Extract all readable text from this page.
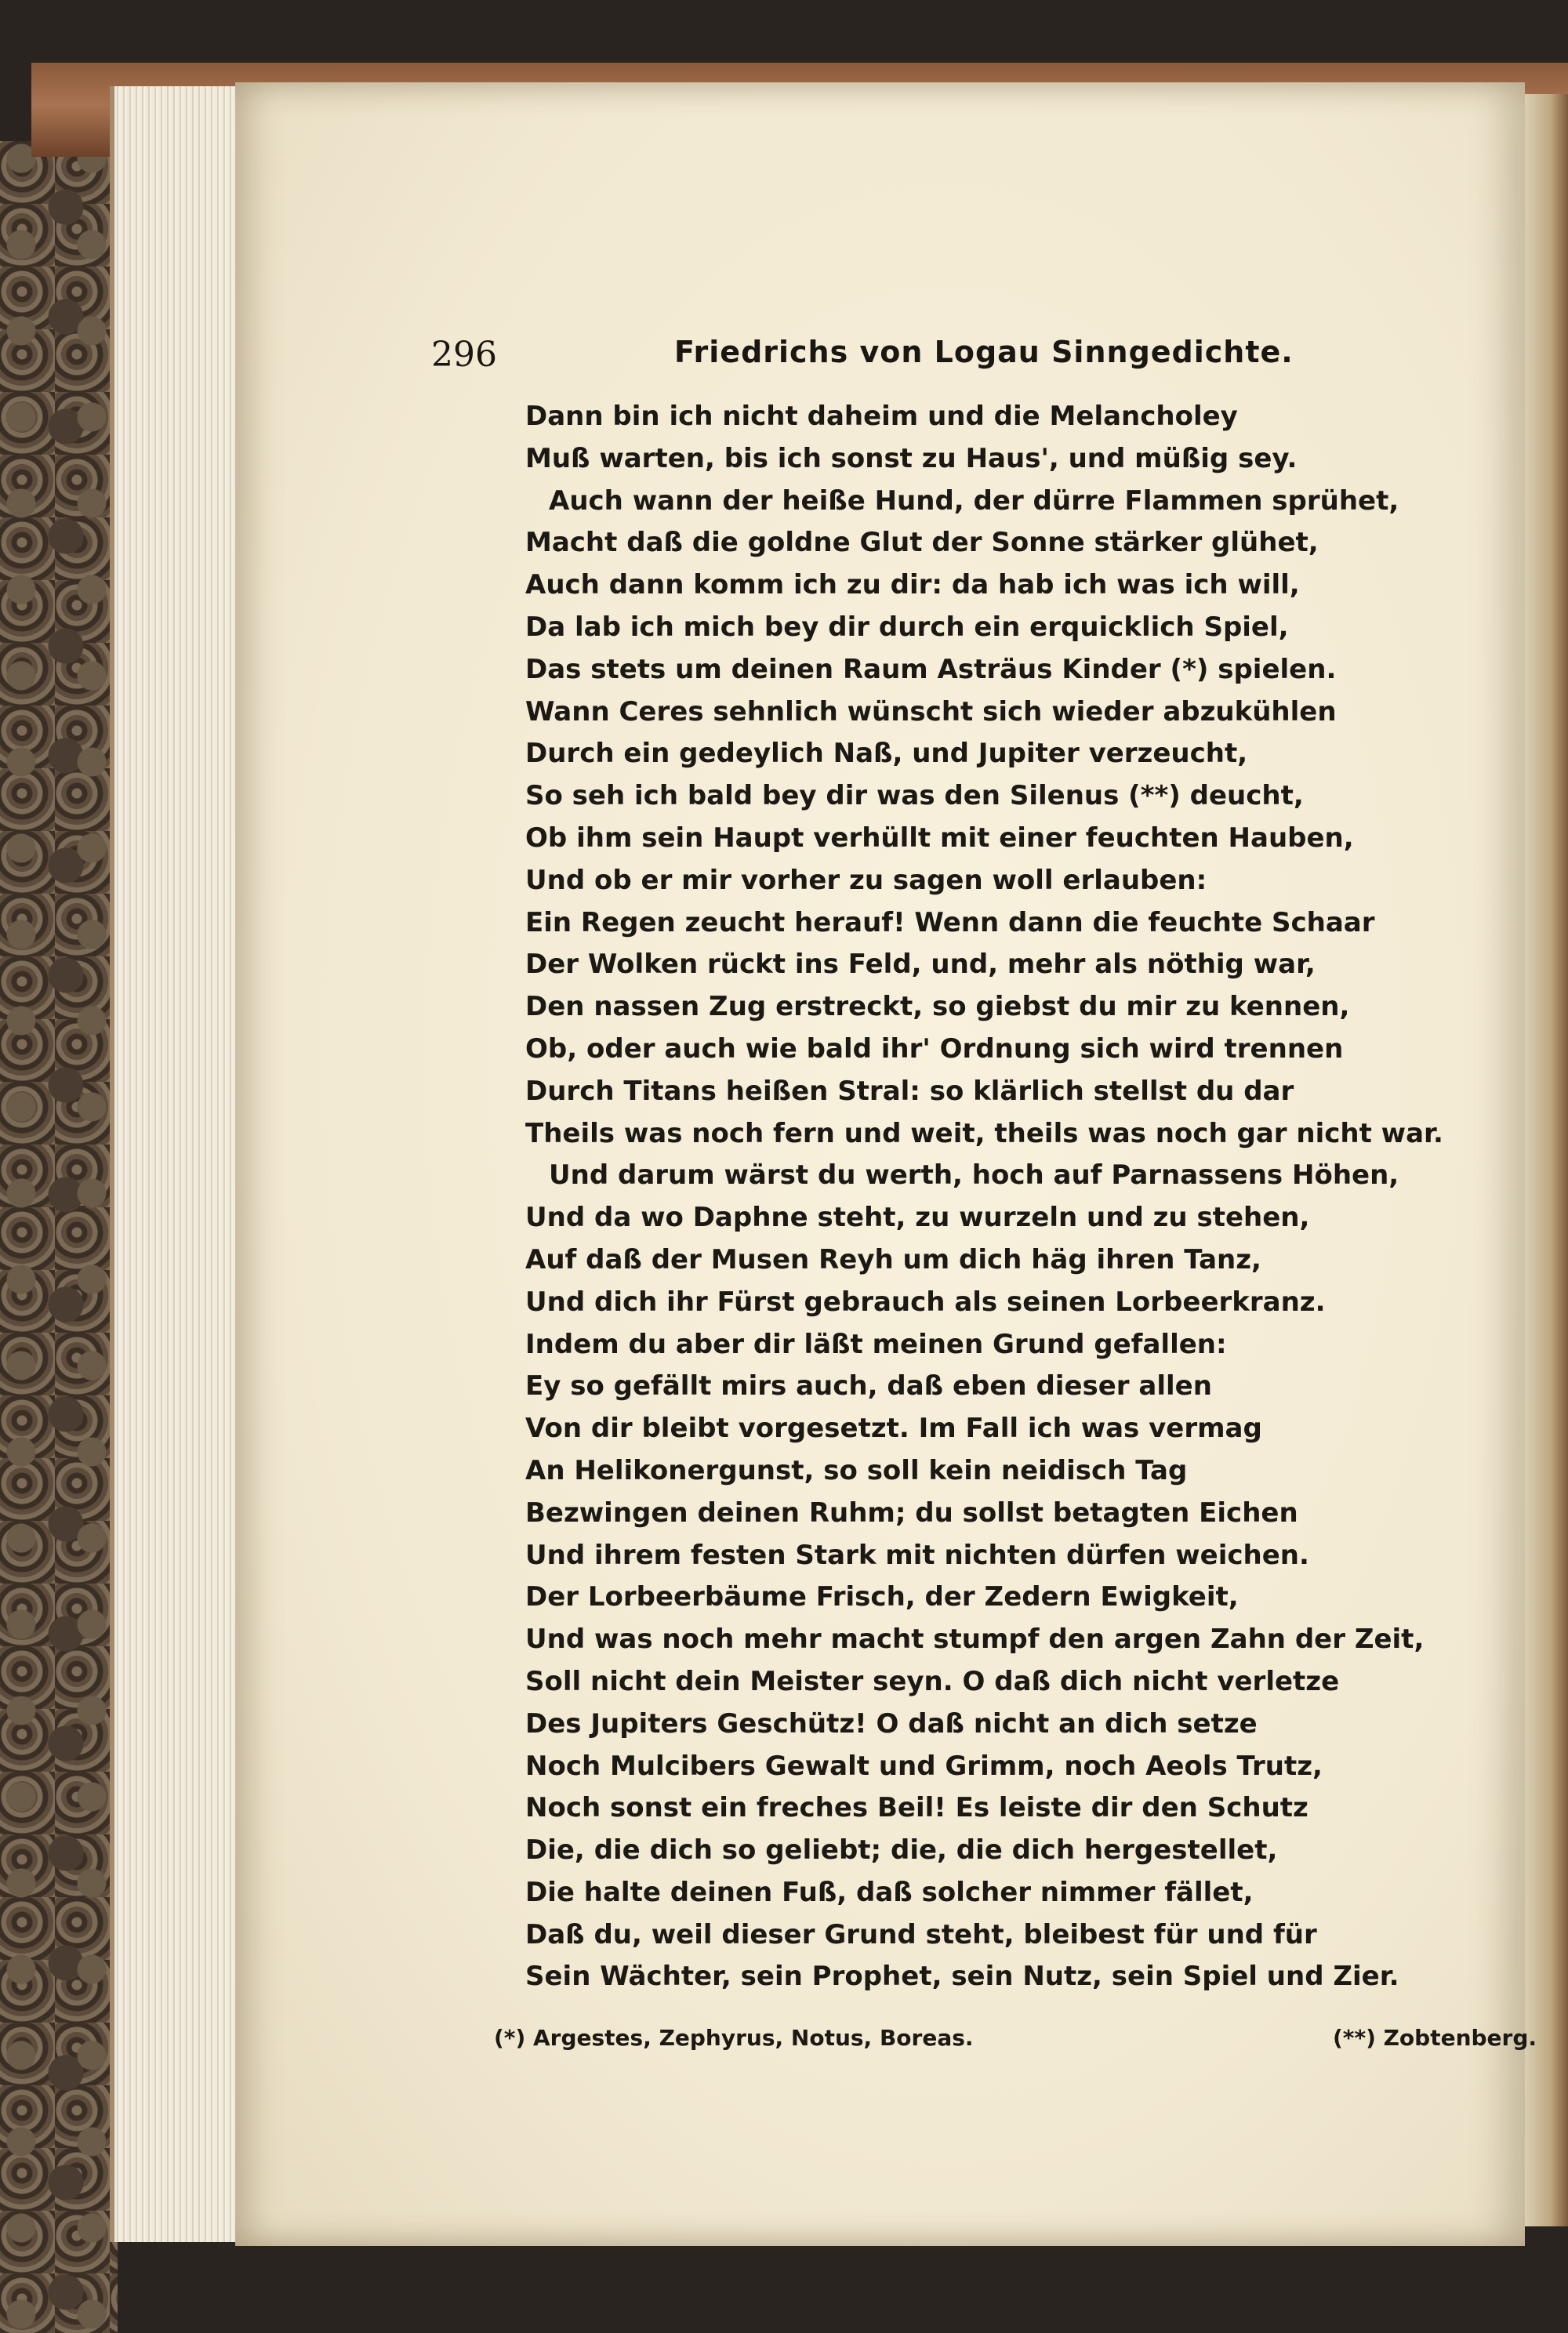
296	Friedrichs von Logau Sinngedichte.
Dann bin ich nicht daheim und die Melancholey
Muß warten, bis ich sonst zu Haus', und müßig sey.
Auch wann der heiße Hund, der dürre Flammen sprühet,
Macht daß die goldne Glut der Sonne stärker glühet,
Auch dann komm ich zu dir: da hab ich was ich will,
Da lab ich mich bey dir durch ein erquicklich Spiel,
Das stets um deinen Raum Asträus Kinder (*) spielen.
Wann Ceres sehnlich wünscht sich wieder abzukühlen
Durch ein gedeylich Naß, und Jupiter verzeucht,
So seh ich bald bey dir was den Silenus (**) deucht,
Ob ihm sein Haupt verhüllt mit einer feuchten Hauben,
Und ob er mir vorher zu sagen woll erlauben:
Ein Regen zeucht herauf! Wenn dann die feuchte Schaar
Der Wolken rückt ins Feld, und, mehr als nöthig war,
Den nassen Zug erstreckt, so giebst du mir zu kennen,
Ob, oder auch wie bald ihr' Ordnung sich wird trennen
Durch Titans heißen Stral: so klärlich stellst du dar
Theils was noch fern und weit, theils was noch gar nicht war.
Und darum wärst du werth, hoch auf Parnassens Höhen,
Und da wo Daphne steht, zu wurzeln und zu stehen,
Auf daß der Musen Reyh um dich häg ihren Tanz,
Und dich ihr Fürst gebrauch als seinen Lorbeerkranz.
Indem du aber dir läßt meinen Grund gefallen:
Ey so gefällt mirs auch, daß eben dieser allen
Von dir bleibt vorgesetzt. Im Fall ich was vermag
An Helikonergunst, so soll kein neidisch Tag
Bezwingen deinen Ruhm; du sollst betagten Eichen
Und ihrem festen Stark mit nichten dürfen weichen.
Der Lorbeerbäume Frisch, der Zedern Ewigkeit,
Und was noch mehr macht stumpf den argen Zahn der Zeit,
Soll nicht dein Meister seyn. O daß dich nicht verletze
Des Jupiters Geschütz! O daß nicht an dich setze
Noch Mulcibers Gewalt und Grimm, noch Aeols Trutz,
Noch sonst ein freches Beil! Es leiste dir den Schutz
Die, die dich so geliebt; die, die dich hergestellet,
Die halte deinen Fuß, daß solcher nimmer fället,
Daß du, weil dieser Grund steht, bleibest für und für
Sein Wächter, sein Prophet, sein Nutz, sein Spiel und Zier.
(*) Argestes, Zephyrus, Notus, Boreas.	(**) Zobtenberg.
